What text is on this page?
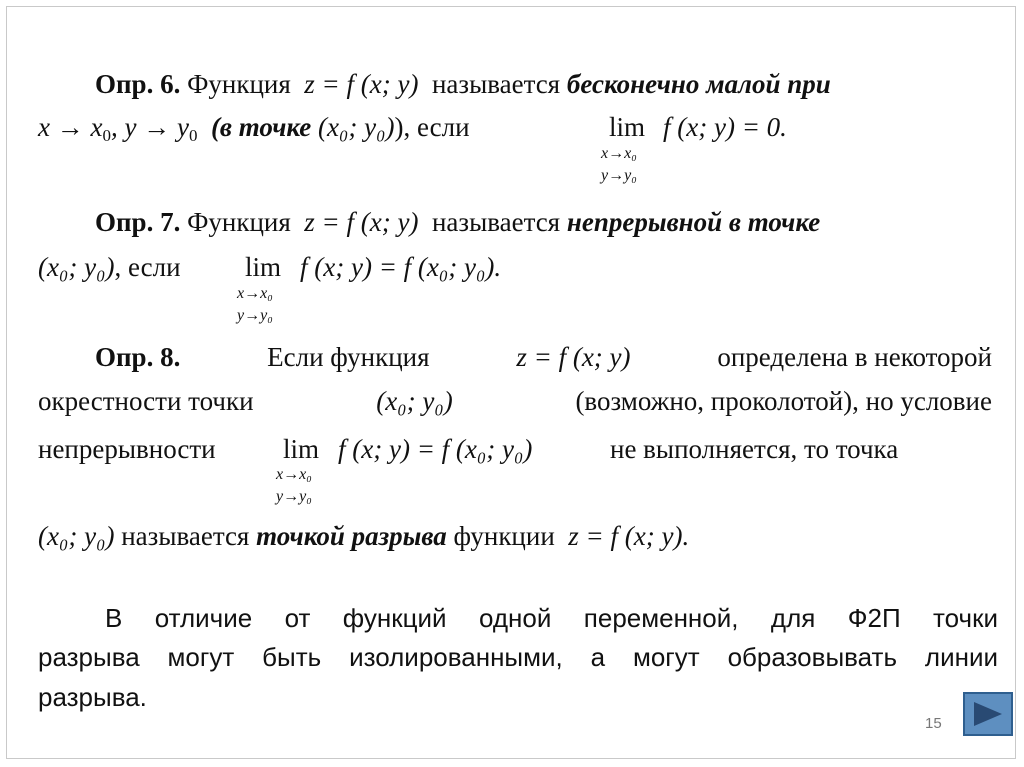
Опр. 6. Функция z = f (x; y) называется бесконечно малой при
$x \to x_0$, $y \to y_0$ (в точке (x₀; y₀)), если	lim f (x; y) = 0.
x→x₀
y→y₀
Опр. 7. Функция z = f (x; y) называется непрерывной в точке
(x₀; y₀), если lim f (x; y) = f (x₀; y₀).
x→x₀
y→y₀
Опр. 8.	Если функция	z = f (x; y)	определена в некоторой
окрестности точки	(x₀; y₀)	(возможно, проколотой), но условие
непрерывности lim f (x; y) = f (x₀; y₀)	не выполняется, то точка
x→x₀
y→y₀
(x₀; y₀) называется точкой разрыва функции z = f (x; y).
В отличие от функций одной переменной, для Ф2П точки
разрыва могут быть изолированными, а могут образовывать линии
разрыва.
15
